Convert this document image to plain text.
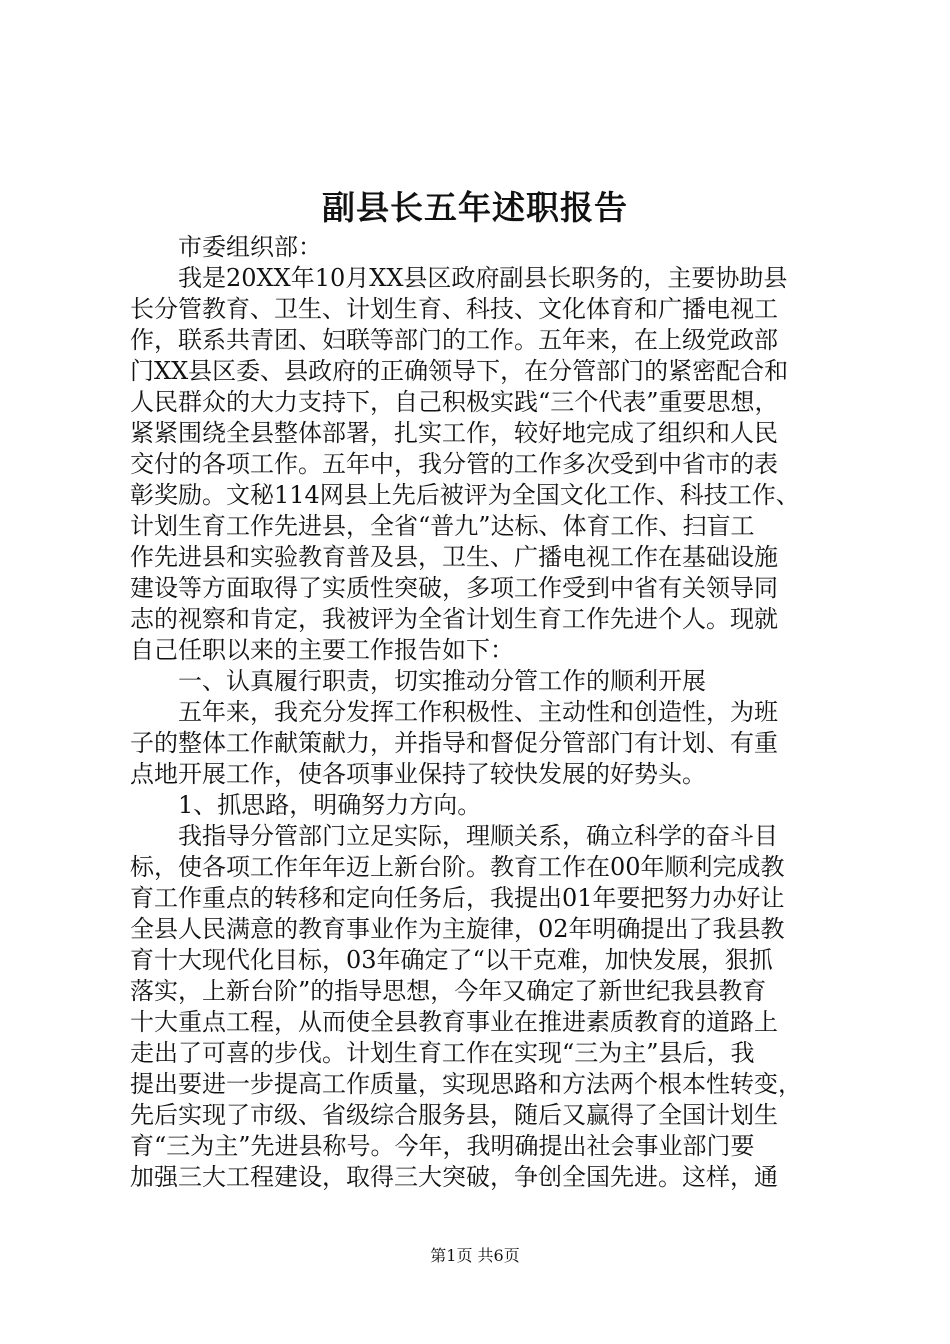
副县长五年述职报告
市委组织部：
我是20XX年10月XX县区政府副县长职务的，主要协助县
长分管教育、卫生、计划生育、科技、文化体育和广播电视工
作，联系共青团、妇联等部门的工作。五年来，在上级党政部
门XX县区委、县政府的正确领导下，在分管部门的紧密配合和
人民群众的大力支持下，自己积极实践“三个代表”重要思想，
紧紧围绕全县整体部署，扎实工作，较好地完成了组织和人民
交付的各项工作。五年中，我分管的工作多次受到中省市的表
彰奖励。文秘114网县上先后被评为全国文化工作、科技工作、
计划生育工作先进县，全省“普九”达标、体育工作、扫盲工
作先进县和实验教育普及县，卫生、广播电视工作在基础设施
建设等方面取得了实质性突破，多项工作受到中省有关领导同
志的视察和肯定，我被评为全省计划生育工作先进个人。现就
自己任职以来的主要工作报告如下：
一、认真履行职责，切实推动分管工作的顺利开展
五年来，我充分发挥工作积极性、主动性和创造性，为班
子的整体工作献策献力，并指导和督促分管部门有计划、有重
点地开展工作，使各项事业保持了较快发展的好势头。
1、抓思路，明确努力方向。
我指导分管部门立足实际，理顺关系，确立科学的奋斗目
标，使各项工作年年迈上新台阶。教育工作在00年顺利完成教
育工作重点的转移和定向任务后，我提出01年要把努力办好让
全县人民满意的教育事业作为主旋律，02年明确提出了我县教
育十大现代化目标，03年确定了“以干克难，加快发展，狠抓
落实，上新台阶”的指导思想，今年又确定了新世纪我县教育
十大重点工程，从而使全县教育事业在推进素质教育的道路上
走出了可喜的步伐。计划生育工作在实现“三为主”县后，我
提出要进一步提高工作质量，实现思路和方法两个根本性转变，
先后实现了市级、省级综合服务县，随后又赢得了全国计划生
育“三为主”先进县称号。今年，我明确提出社会事业部门要
加强三大工程建设，取得三大突破，争创全国先进。这样，通
第1页 共6页
